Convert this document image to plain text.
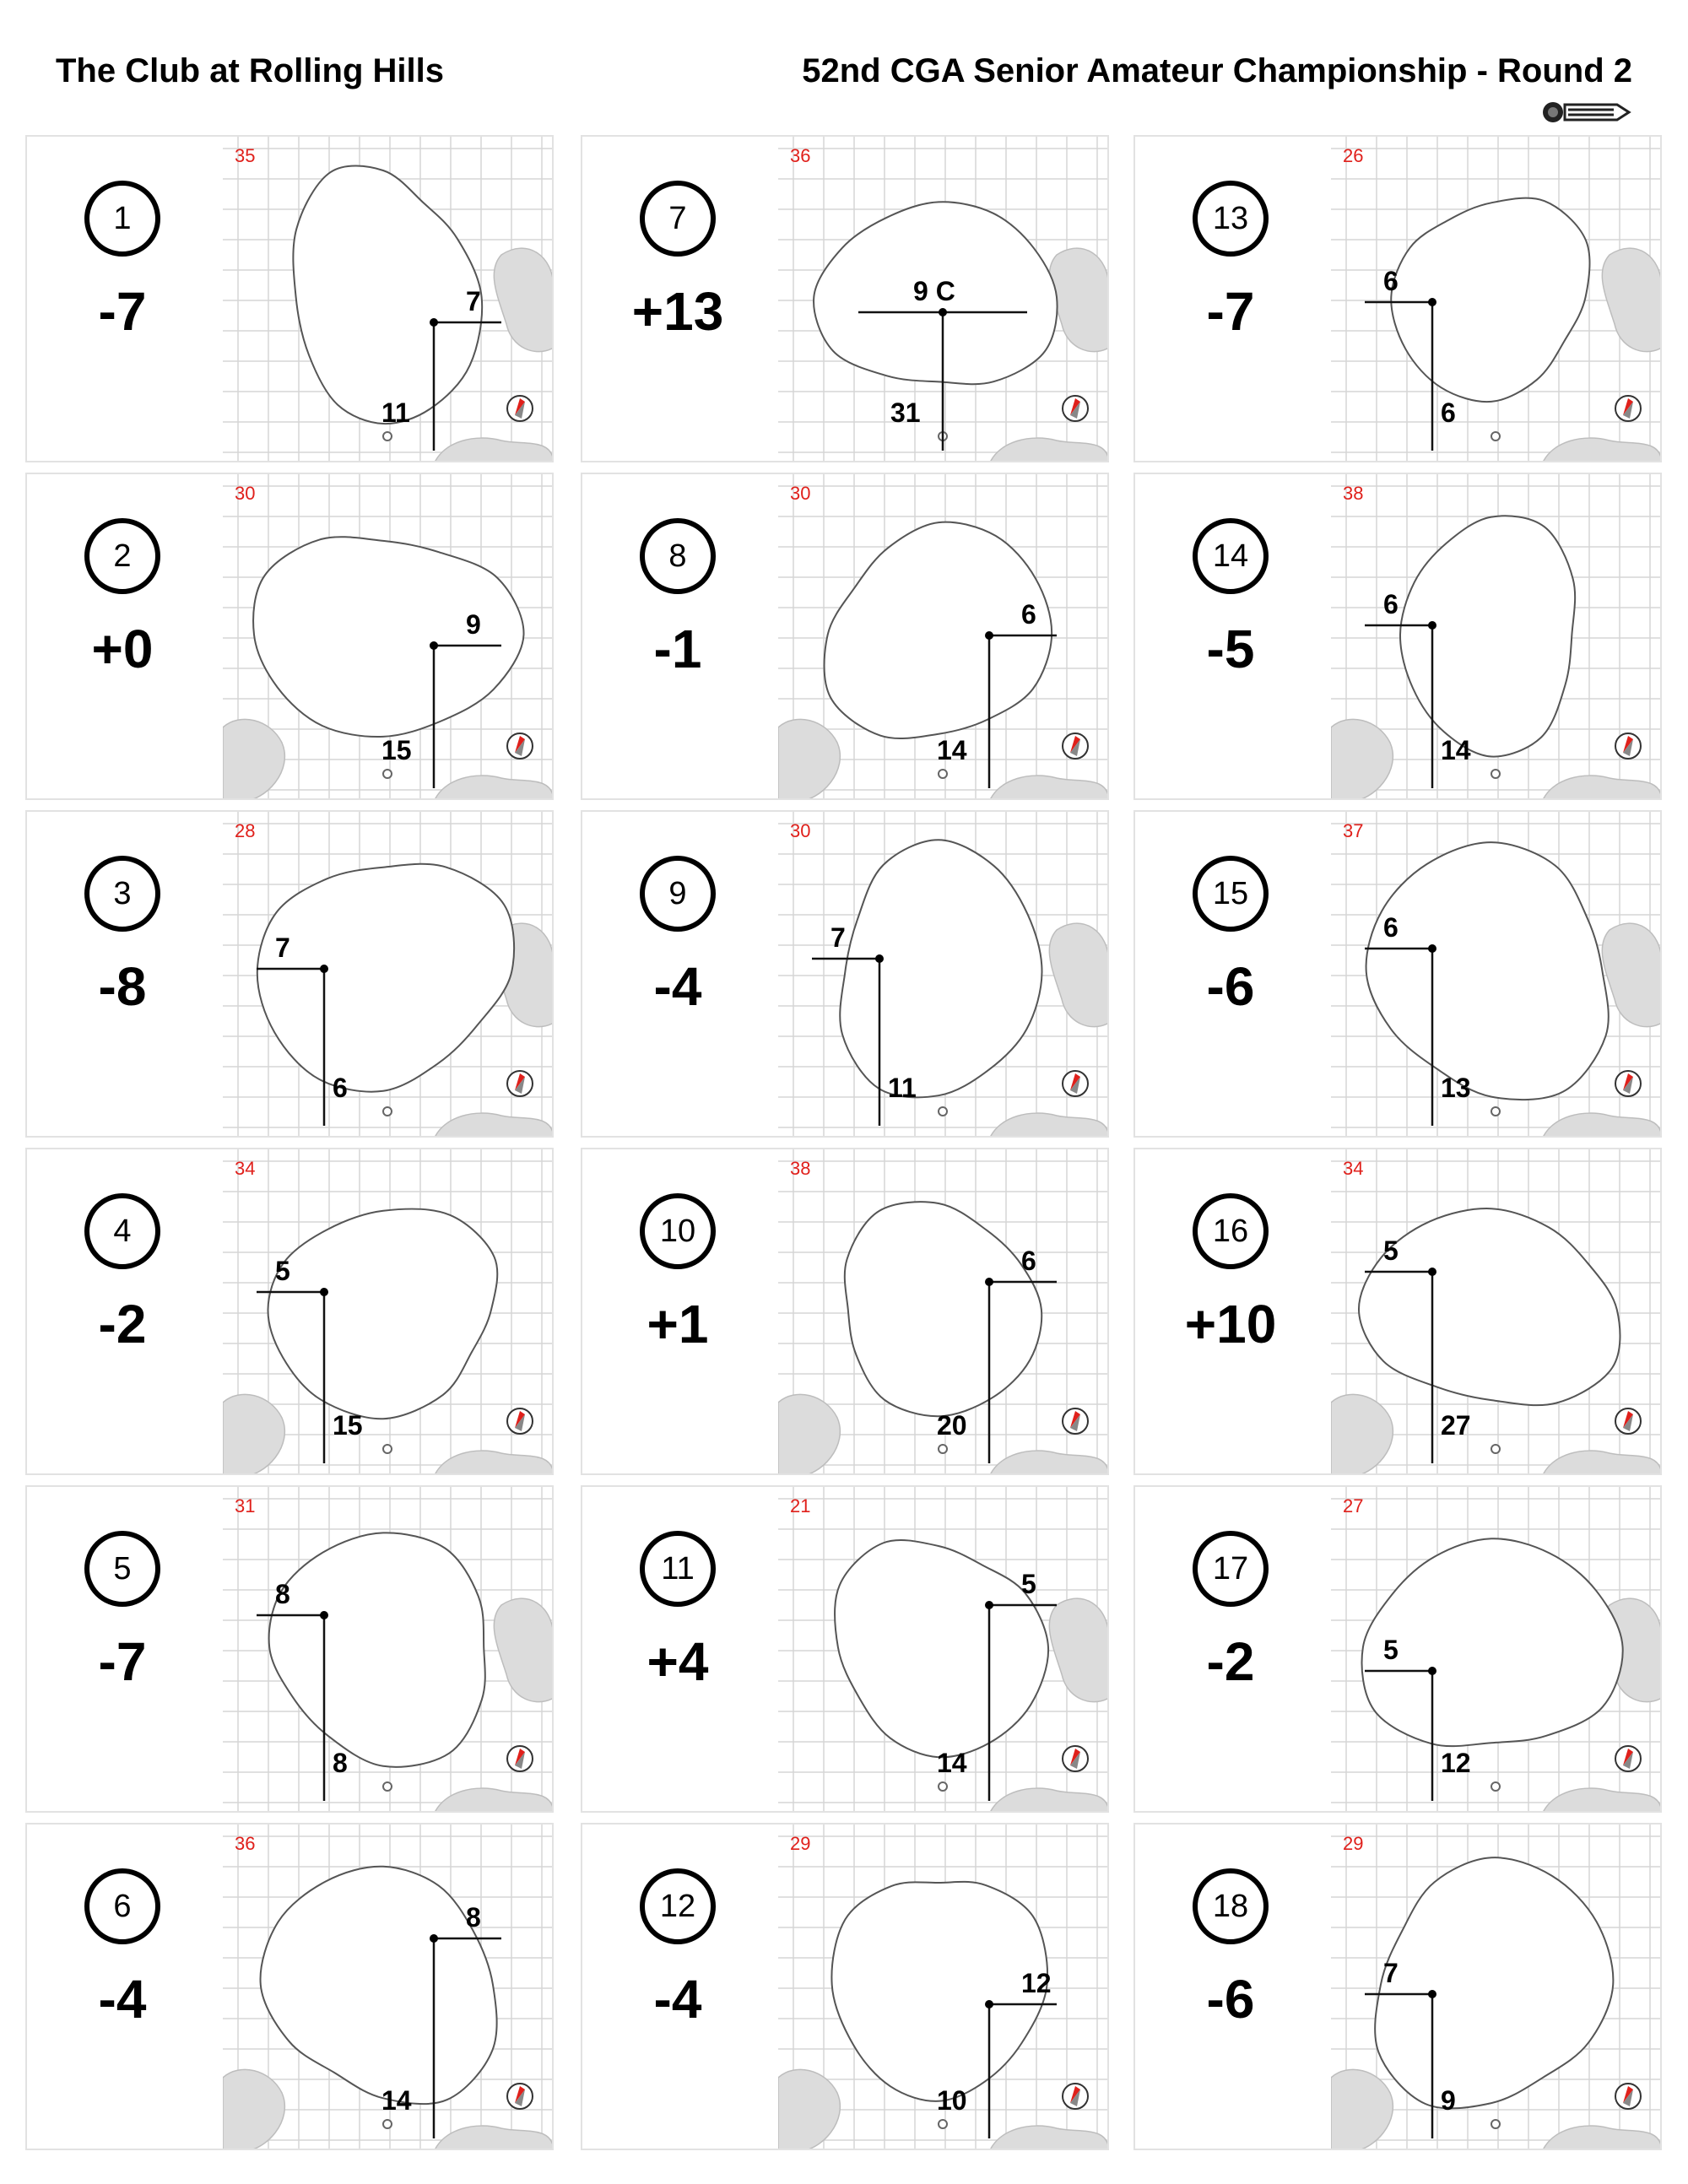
The Club at Rolling Hills	52nd CGA Senior Amateur Championship - Round 2
1
-7
35
7
11
2
+0
30
9
15
3
-8
28
7
6
4
-2
34
5
15
5
-7
31
8
8
6
-4
36
8
14
7
+13
36
9 C
31
8
-1
30
6
14
9
-4
30
7
11
10
+1
38
6
20
11
+4
21
5
14
12
-4
29
12
10
13
-7
26
6
6
14
-5
38
6
14
15
-6
37
6
13
16
+10
34
5
27
17
-2
27
5
12
18
-6
29
7
9
